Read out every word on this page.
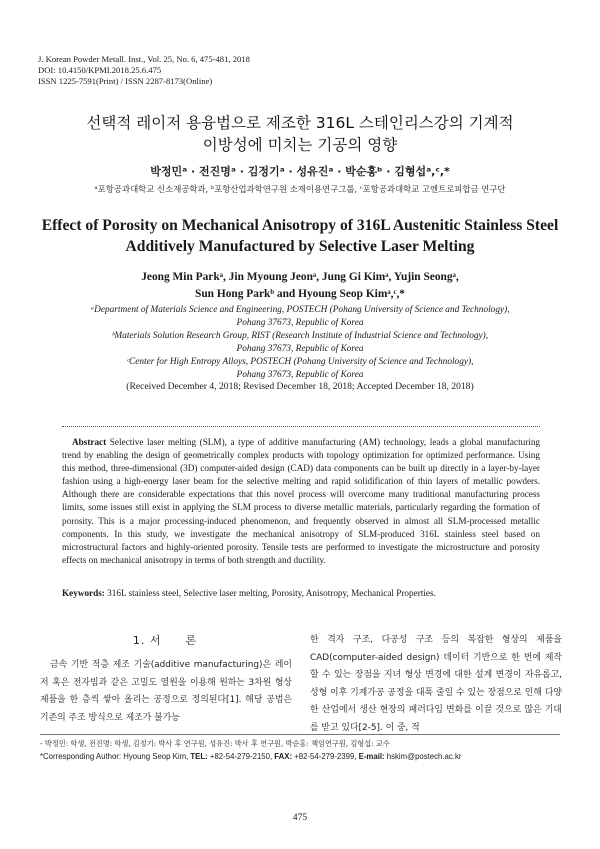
J. Korean Powder Metall. Inst., Vol. 25, No. 6, 475-481, 2018
DOI: 10.4150/KPMI.2018.25.6.475
ISSN 1225-7591(Print) / ISSN 2287-8173(Online)
선택적 레이저 용융법으로 제조한 316L 스테인리스강의 기계적
이방성에 미치는 기공의 영향
박정민ᵃ · 전진명ᵃ · 김정기ᵃ · 성유진ᵃ · 박순홍ᵇ · 김형섭ᵃ,ᶜ,*
ᵃ포항공과대학교 신소재공학과, ᵇ포항산업과학연구원 소재이용연구그룹, ᶜ포항공과대학교 고엔트로피합금 연구단
Effect of Porosity on Mechanical Anisotropy of 316L Austenitic Stainless Steel
Additively Manufactured by Selective Laser Melting
Jeong Min Parkᵃ, Jin Myoung Jeonᵃ, Jung Gi Kimᵃ, Yujin Seongᵃ,
Sun Hong Parkᵇ and Hyoung Seop Kimᵃ,ᶜ,*
ᵃDepartment of Materials Science and Engineering, POSTECH (Pohang University of Science and Technology),
Pohang 37673, Republic of Korea
ᵇMaterials Solution Research Group, RIST (Research Institute of Industrial Science and Technology),
Pohang 37673, Republic of Korea
ᶜCenter for High Entropy Alloys, POSTECH (Pohang University of Science and Technology),
Pohang 37673, Republic of Korea
(Received December 4, 2018; Revised December 18, 2018; Accepted December 18, 2018)
Abstract Selective laser melting (SLM), a type of additive manufacturing (AM) technology, leads a global manufacturing trend by enabling the design of geometrically complex products with topology optimization for optimized performance. Using this method, three-dimensional (3D) computer-aided design (CAD) data components can be built up directly in a layer-by-layer fashion using a high-energy laser beam for the selective melting and rapid solidification of thin layers of metallic powders. Although there are considerable expectations that this novel process will overcome many traditional manufacturing process limits, some issues still exist in applying the SLM process to diverse metallic materials, particularly regarding the formation of porosity. This is a major processing-induced phenomenon, and frequently observed in almost all SLM-processed metallic components. In this study, we investigate the mechanical anisotropy of SLM-produced 316L stainless steel based on microstructural factors and highly-oriented porosity. Tensile tests are performed to investigate the microstructure and porosity effects on mechanical anisotropy in terms of both strength and ductility.
Keywords: 316L stainless steel, Selective laser melting, Porosity, Anisotropy, Mechanical Properties.
1. 서　　론
금속 기반 적층 제조 기술(additive manufacturing)은 레이저 혹은 전자빔과 같은 고밀도 열원을 이용해 원하는 3차원 형상 제품을 한 층씩 쌓아 올리는 공정으로 정의된다[1]. 해당 공법은 기존의 주조 방식으로 제조가 불가능
한 격자 구조, 다공성 구조 등의 복잡한 형상의 제품을 CAD(computer-aided design) 데이터 기반으로 한 번에 제작할 수 있는 장점을 지녀 형상 변경에 대한 설계 변경이 자유롭고, 성형 이후 기계가공 공정을 대폭 줄일 수 있는 장점으로 인해 다양한 산업에서 생산 현장의 패러다임 변화를 이끌 것으로 많은 기대를 받고 있다[2-5]. 이 중, 적
- 박정민: 학생, 전진명: 학생, 김정기: 박사 후 연구원, 성유진: 박사 후 연구원, 박순홍: 책임연구원, 김형섭: 교수
*Corresponding Author: Hyoung Seop Kim, TEL: +82-54-279-2150, FAX: +82-54-279-2399, E-mail: hskim@postech.ac.kr
475
